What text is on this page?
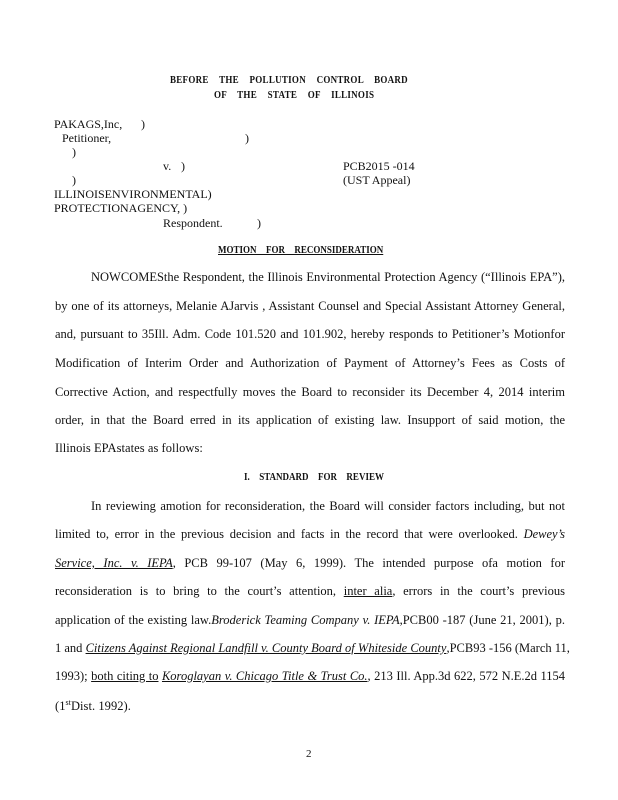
BEFORE THE POLLUTION CONTROL BOARD
OF THE STATE OF ILLINOIS
PAKAGS,Inc, )
Petitioner,	)
)
v. )	PCB2015 -014
)	(UST Appeal)
ILLINOISENVIRONMENTAL)
PROTECTIONAGENCY, )
Respondent.	)
MOTION FOR RECONSIDERATION
NOWCOMESthe Respondent, the Illinois Environmental Protection Agency (“Illinois EPA”),
by one of its attorneys, Melanie AJarvis , Assistant Counsel and Special Assistant Attorney General,
and, pursuant to 35Ill. Adm. Code 101.520 and 101.902, hereby responds to Petitioner’s Motionfor
Modification of Interim Order and Authorization of Payment of Attorney’s Fees as Costs of
Corrective Action, and respectfully moves the Board to reconsider its December 4, 2014 interim
order, in that the Board erred in its application of existing law. Insupport of said motion, the
Illinois EPAstates as follows:
I. STANDARD FOR REVIEW
In reviewing amotion for reconsideration, the Board will consider factors including, but not
limited to, error in the previous decision and facts in the record that were overlooked. Dewey’s
Service, Inc. v. IEPA, PCB 99-107 (May 6, 1999). The intended purpose ofa motion for
reconsideration is to bring to the court’s attention, inter alia, errors in the court’s previous
application of the existing law.Broderick Teaming Company v. IEPA,PCB00 -187 (June 21, 2001), p.
1 and Citizens Against Regional Landfill v. County Board of Whiteside County,PCB93 -156 (March 11,
1993); both citing to Koroglayan v. Chicago Title & Trust Co., 213 Ill. App.3d 622, 572 N.E.2d 1154
(1stDist. 1992).
2
